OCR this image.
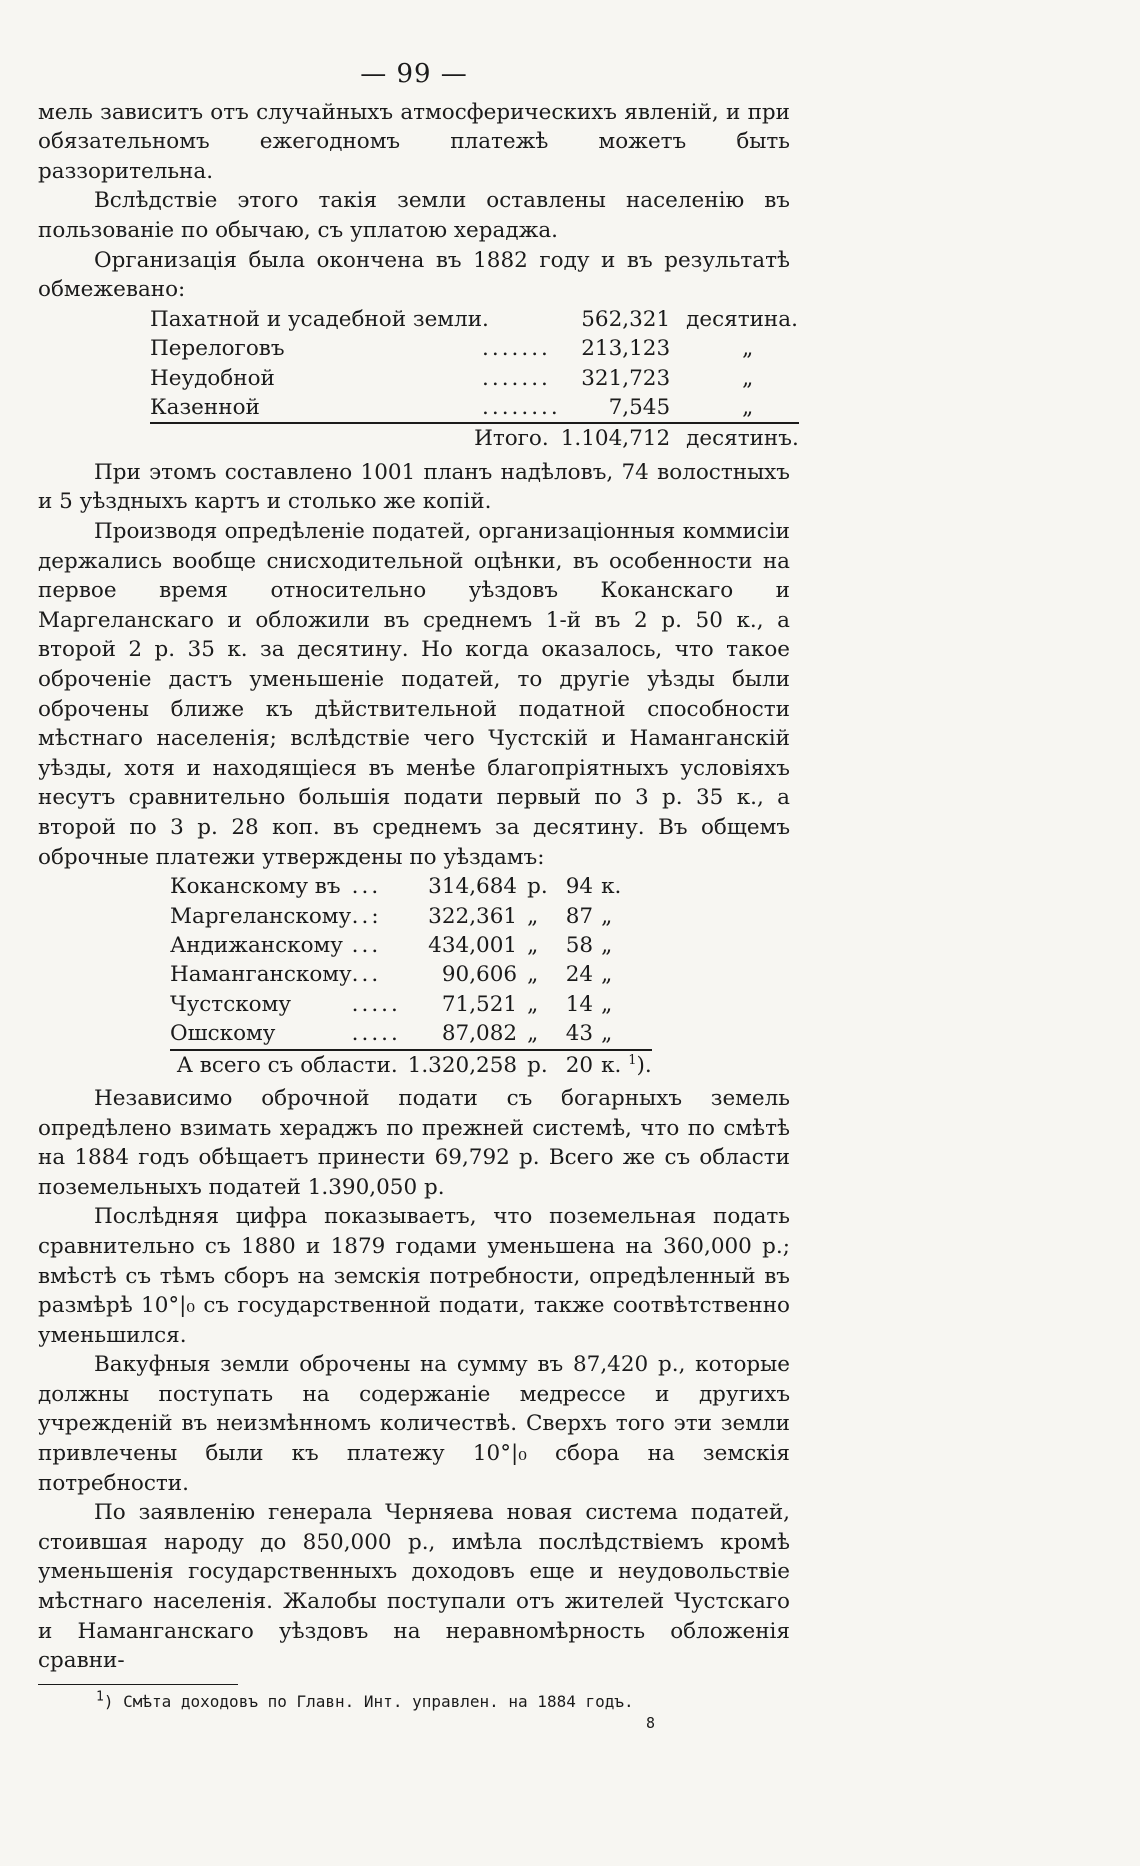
— 99 —

мель зависитъ отъ случайныхъ атмосферическихъ явленій, и при обязательномъ ежегодномъ платежѣ можетъ быть раззорительна.

Вслѣдствіе этого такія земли оставлены населенію въ пользованіе по обычаю, съ уплатою хераджа.

Организація была окончена въ 1882 году и въ результатѣ обмежевано:

Пахатной и усадебной земли	.	562,321	десятина.
Перелоговъ	.......	213,123	„
Неудобной	.......	321,723	„
Казенной	........	7,545	„
Итого.		1.104,712	десятинъ.

При этомъ составлено 1001 планъ надѣловъ, 74 волостныхъ и 5 уѣздныхъ картъ и столько же копій.

Производя опредѣленіе податей, организаціонныя коммисіи держались вообще снисходительной оцѣнки, въ особенности на первое время относительно уѣздовъ Коканскаго и Маргеланскаго и обложили въ среднемъ 1-й въ 2 р. 50 к., а второй 2 р. 35 к. за десятину. Но когда оказалось, что такое оброченіе дастъ уменьшеніе податей, то другіе уѣзды были оброчены ближе къ дѣйствительной податной способности мѣстнаго населенія; вслѣдствіе чего Чустскій и Наманганскій уѣзды, хотя и находящіеся въ менѣе благопріятныхъ условіяхъ несутъ сравнительно большія подати первый по 3 р. 35 к., а второй по 3 р. 28 коп. въ среднемъ за десятину. Въ общемъ оброчные платежи утверждены по уѣздамъ:

Коканскому въ	...	314,684	р.	94	к.
Маргеланскому	..:	322,361	„	87	„
Андижанскому	...	434,001	„	58	„
Наманганскому	...	90,606	„	24	„
Чустскому	.....	71,521	„	14	„
Ошскому	.....	87,082	„	43	„
А всего съ области.		1.320,258	р.	20	к. $^1$).

Независимо оброчной подати съ богарныхъ земель опредѣлено взимать хераджъ по прежней системѣ, что по смѣтѣ на 1884 годъ обѣщаетъ принести 69,792 р. Всего же съ области поземельныхъ податей 1.390,050 р.

Послѣдняя цифра показываетъ, что поземельная подать сравнительно съ 1880 и 1879 годами уменьшена на 360,000 р.; вмѣстѣ съ тѣмъ сборъ на земскія потребности, опредѣленный въ размѣрѣ 10°|₀ съ государственной подати, также соотвѣтственно уменьшился.

Вакуфныя земли оброчены на сумму въ 87,420 р., которые должны поступать на содержаніе медрессе и другихъ учрежденій въ неизмѣнномъ количествѣ. Сверхъ того эти земли привлечены были къ платежу 10°|₀ сбора на земскія потребности.

По заявленію генерала Черняева новая система податей, стоившая народу до 850,000 р., имѣла послѣдствіемъ кромѣ уменьшенія государственныхъ доходовъ еще и неудовольствіе мѣстнаго населенія. Жалобы поступали отъ жителей Чустскаго и Наманганскаго уѣздовъ на неравномѣрность обложенія сравни-

$^1$) Смѣта доходовъ по Главн. Инт. управлен. на 1884 годъ.
8
